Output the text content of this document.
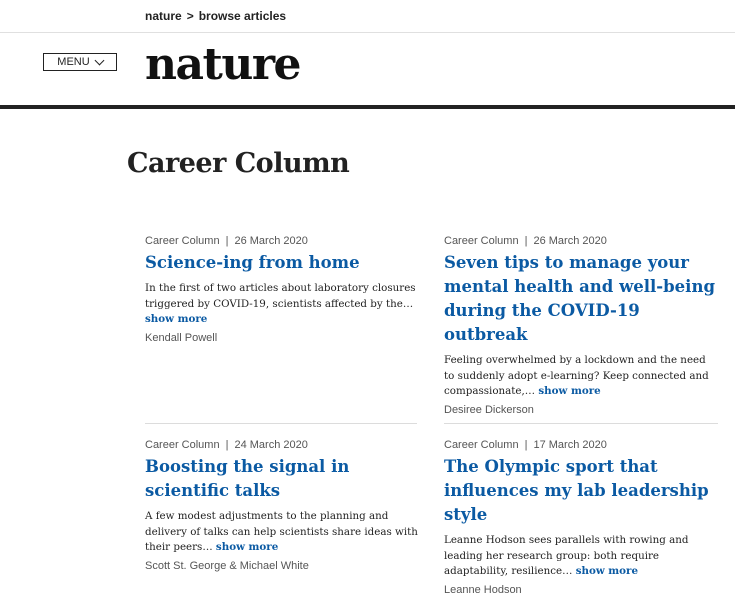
nature > browse articles
MENU nature
Career Column
Career Column | 26 March 2020
Science-ing from home

In the first of two articles about laboratory closures triggered by COVID-19, scientists affected by the… show more

Kendall Powell
Career Column | 26 March 2020
Seven tips to manage your mental health and well-being during the COVID-19 outbreak

Feeling overwhelmed by a lockdown and the need to suddenly adopt e-learning? Keep connected and compassionate,… show more

Desiree Dickerson
Career Column | 24 March 2020
Boosting the signal in scientific talks

A few modest adjustments to the planning and delivery of talks can help scientists share ideas with their peers… show more

Scott St. George & Michael White
Career Column | 17 March 2020
The Olympic sport that influences my lab leadership style

Leanne Hodson sees parallels with rowing and leading her research group: both require adaptability, resilience… show more

Leanne Hodson
